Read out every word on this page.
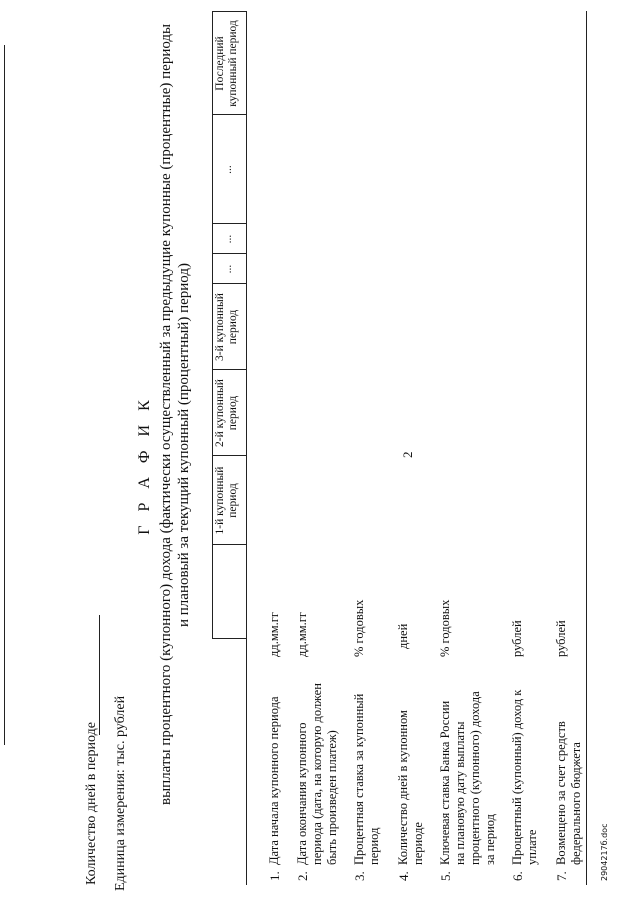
Количество дней в периоде Единица измерения: тыс. рублей
2
Г Р А Ф И К выплаты процентного (купонного) дохода (фактически осуществленный за предыдущие купонные (процентные) периоды и плановый за текущий купонный (процентный) период) 1-й купонный период
2-й купонный период
3-й купонный период
...
...
...
Последний купонный период
1.
Дата начала купонного периода
дд.мм.гг
2.
Дата окончания купонного периода (дата, на которую должен быть произведен платеж)
дд.мм.гг
3.
Процентная ставка за купонный период
% годовых
4.
Количество дней в купонном периоде
дней
5.
Ключевая ставка Банка России на плановую дату выплаты процентного (купонного) дохода за период
% годовых
6.
Процентный (купонный) доход к уплате
рублей
7.
Возмещено за счет средств федерального бюджета
рублей
2904217б.doc
